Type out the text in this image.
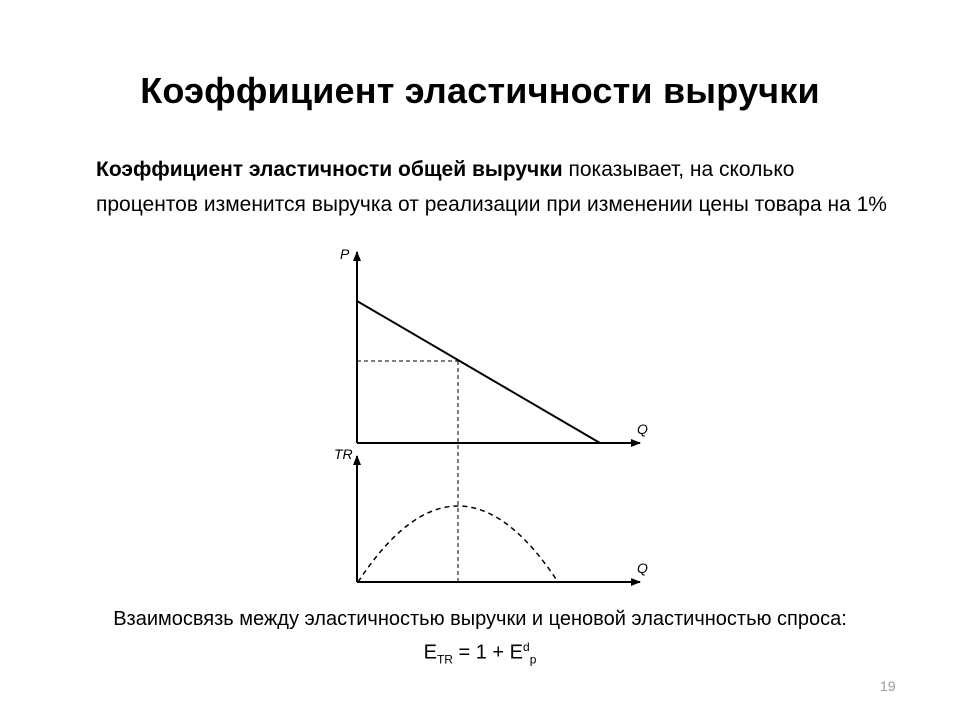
Коэффициент эластичности выручки
Коэффициент эластичности общей выручки показывает, на сколько процентов изменится выручка от реализации при изменении цены товара на 1%
P
Q
TR
Q
Взаимосвязь между эластичностью выручки и ценовой эластичностью спроса:
$E_{TR} = 1 + E^d_p$
19
